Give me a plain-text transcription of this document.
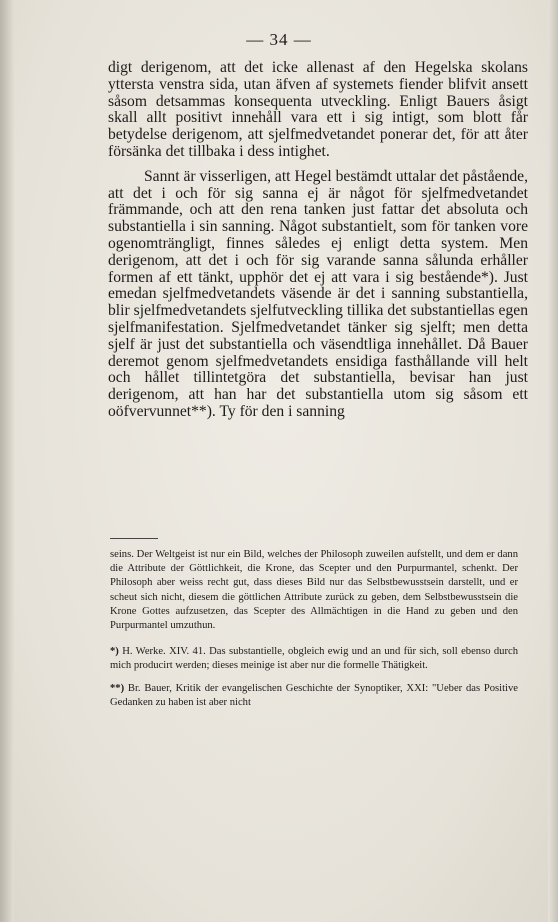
— 34 —

digt derigenom, att det icke allenast af den Hegelska skolans yttersta venstra sida, utan äfven af systemets fiender blifvit ansett såsom detsammas konsequenta utveckling. Enligt Bauers åsigt skall allt positivt innehåll vara ett i sig intigt, som blott får betydelse derigenom, att sjelfmedvetandet ponerar det, för att åter försänka det tillbaka i dess intighet.

Sannt är visserligen, att Hegel bestämdt uttalar det påstående, att det i och för sig sanna ej är något för sjelfmedvetandet främmande, och att den rena tanken just fattar det absoluta och substantiella i sin sanning. Något substantielt, som för tanken vore ogenomträngligt, finnes således ej enligt detta system. Men derigenom, att det i och för sig varande sanna sålunda erhåller formen af ett tänkt, upphör det ej att vara i sig bestående*). Just emedan sjelfmedvetandets väsende är det i sanning substantiella, blir sjelfmedvetandets sjelfutveckling tillika det substantiellas egen sjelfmanifestation. Sjelfmedvetandet tänker sig sjelft; men detta sjelf är just det substantiella och väsendtliga innehållet. Då Bauer deremot genom sjelfmedvetandets ensidiga fasthållande vill helt och hållet tillintetgöra det substantiella, bevisar han just derigenom, att han har det substantiella utom sig såsom ett oöfvervunnet**). Ty för den i sanning

seins. Der Weltgeist ist nur ein Bild, welches der Philosoph zuweilen aufstellt, und dem er dann die Attribute der Göttlichkeit, die Krone, das Scepter und den Purpurmantel, schenkt. Der Philosoph aber weiss recht gut, dass dieses Bild nur das Selbstbewusstsein darstellt, und er scheut sich nicht, diesem die göttlichen Attribute zurück zu geben, dem Selbstbewusstsein die Krone Gottes aufzusetzen, das Scepter des Allmächtigen in die Hand zu geben und den Purpurmantel umzuthun.

*) H. Werke. XIV. 41. Das substantielle, obgleich ewig und an und für sich, soll ebenso durch mich producirt werden; dieses meinige ist aber nur die formelle Thätigkeit.

**) Br. Bauer, Kritik der evangelischen Geschichte der Synoptiker, XXI: "Ueber das Positive Gedanken zu haben ist aber nicht
